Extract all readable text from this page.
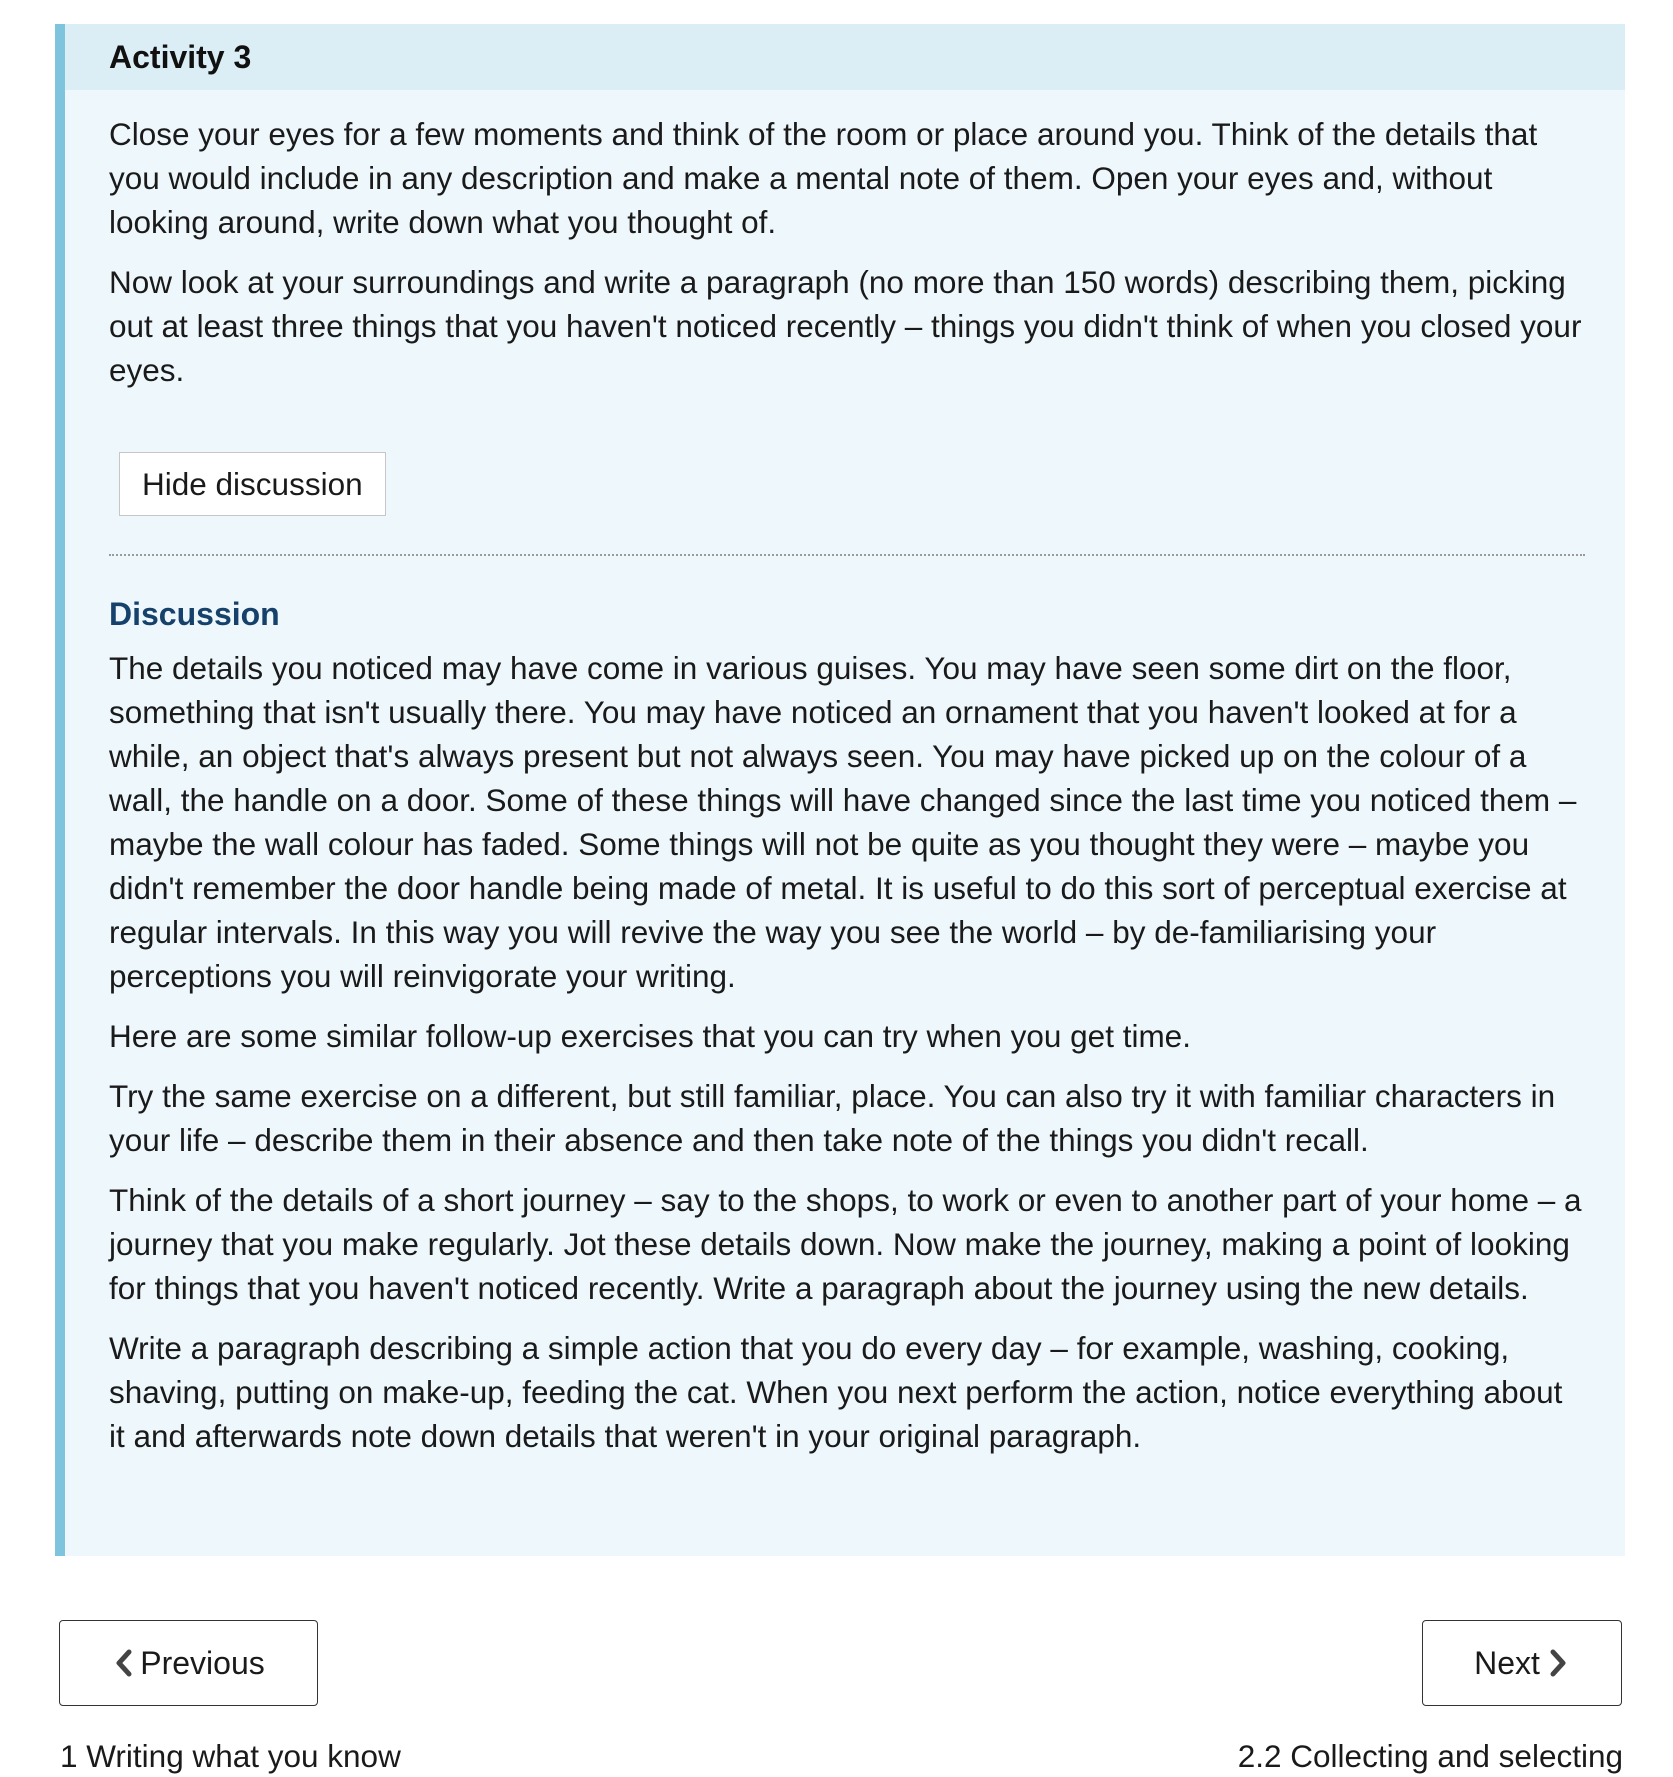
Activity 3

Close your eyes for a few moments and think of the room or place around you. Think of the details that you would include in any description and make a mental note of them. Open your eyes and, without looking around, write down what you thought of.

Now look at your surroundings and write a paragraph (no more than 150 words) describing them, picking out at least three things that you haven't noticed recently – things you didn't think of when you closed your eyes.

Hide discussion
Discussion

The details you noticed may have come in various guises. You may have seen some dirt on the floor, something that isn't usually there. You may have noticed an ornament that you haven't looked at for a while, an object that's always present but not always seen. You may have picked up on the colour of a wall, the handle on a door. Some of these things will have changed since the last time you noticed them – maybe the wall colour has faded. Some things will not be quite as you thought they were – maybe you didn't remember the door handle being made of metal. It is useful to do this sort of perceptual exercise at regular intervals. In this way you will revive the way you see the world – by de-familiarising your perceptions you will reinvigorate your writing.

Here are some similar follow-up exercises that you can try when you get time.

Try the same exercise on a different, but still familiar, place. You can also try it with familiar characters in your life – describe them in their absence and then take note of the things you didn't recall.

Think of the details of a short journey – say to the shops, to work or even to another part of your home – a journey that you make regularly. Jot these details down. Now make the journey, making a point of looking for things that you haven't noticed recently. Write a paragraph about the journey using the new details.

Write a paragraph describing a simple action that you do every day – for example, washing, cooking, shaving, putting on make-up, feeding the cat. When you next perform the action, notice everything about it and afterwards note down details that weren't in your original paragraph.

Previous	Next
1 Writing what you know	2.2 Collecting and selecting
